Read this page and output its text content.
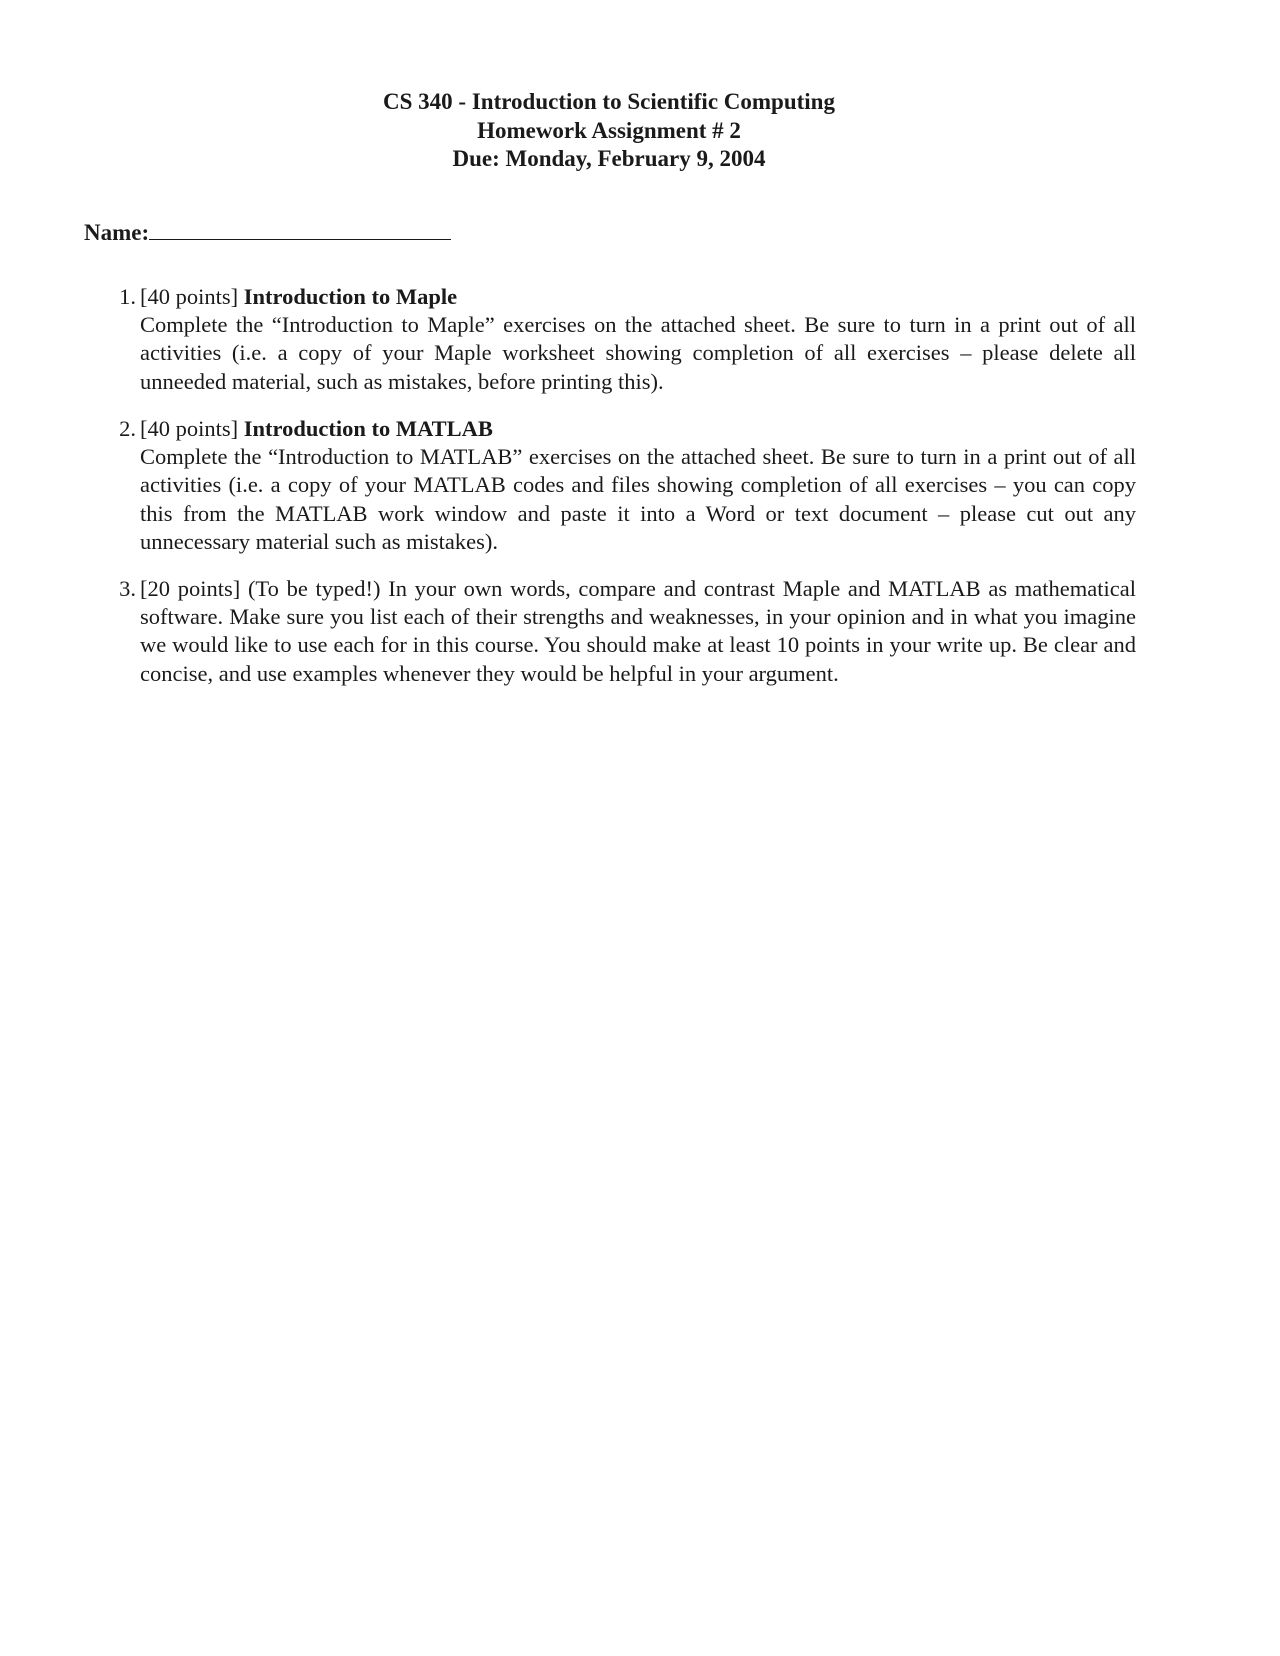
CS 340 - Introduction to Scientific Computing
Homework Assignment # 2
Due: Monday, February 9, 2004
Name:
1. [40 points] Introduction to Maple
Complete the “Introduction to Maple” exercises on the attached sheet. Be sure to turn in a print out of all activities (i.e. a copy of your Maple worksheet showing completion of all exercises – please delete all unneeded material, such as mistakes, before printing this).
2. [40 points] Introduction to MATLAB
Complete the “Introduction to MATLAB” exercises on the attached sheet. Be sure to turn in a print out of all activities (i.e. a copy of your MATLAB codes and files showing completion of all exercises – you can copy this from the MATLAB work window and paste it into a Word or text document – please cut out any unnecessary material such as mistakes).
3. [20 points] (To be typed!) In your own words, compare and contrast Maple and MATLAB as mathematical software. Make sure you list each of their strengths and weaknesses, in your opinion and in what you imagine we would like to use each for in this course. You should make at least 10 points in your write up. Be clear and concise, and use examples whenever they would be helpful in your argument.
